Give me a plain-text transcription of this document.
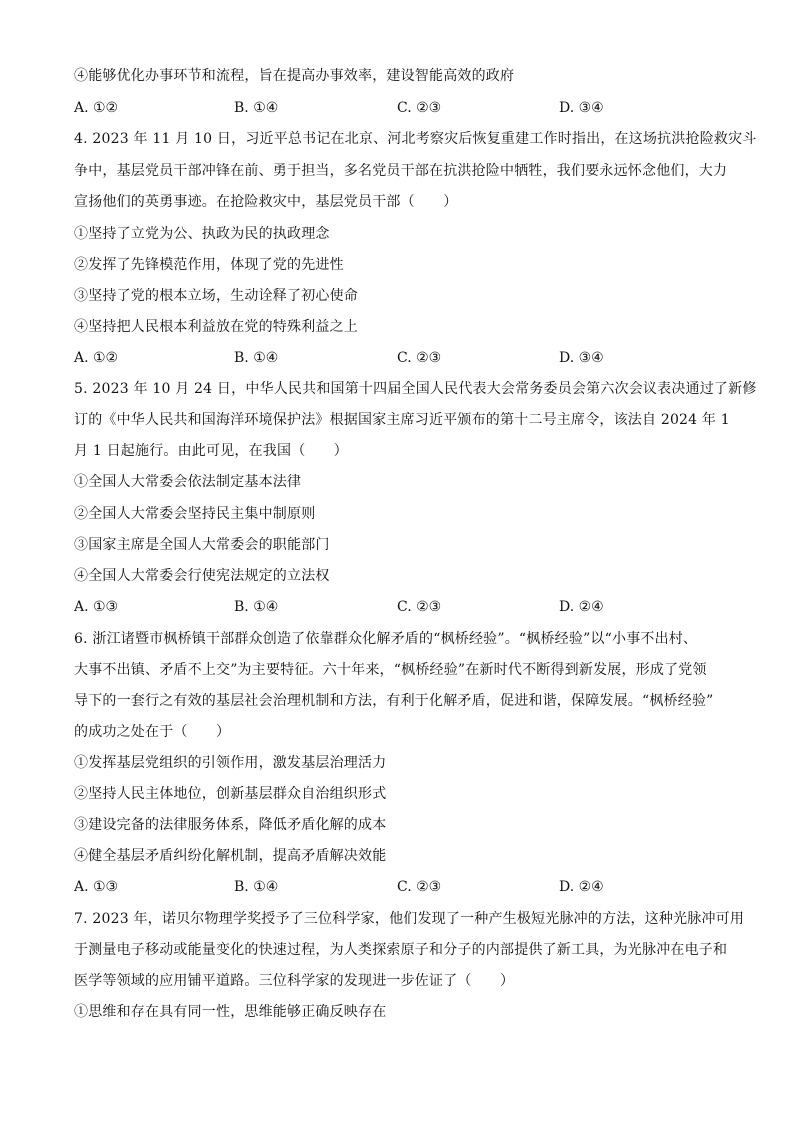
④能够优化办事环节和流程，旨在提高办事效率，建设智能高效的政府
A. ①②	B. ①④	C. ②③	D. ③④
4. 2023 年 11 月 10 日，习近平总书记在北京、河北考察灾后恢复重建工作时指出，在这场抗洪抢险救灾斗
争中，基层党员干部冲锋在前、勇于担当，多名党员干部在抗洪抢险中牺牲，我们要永远怀念他们，大力
宣扬他们的英勇事迹。在抢险救灾中，基层党员干部（　　）
①坚持了立党为公、执政为民的执政理念
②发挥了先锋模范作用，体现了党的先进性
③坚持了党的根本立场，生动诠释了初心使命
④坚持把人民根本利益放在党的特殊利益之上
A. ①②	B. ①④	C. ②③	D. ③④
5. 2023 年 10 月 24 日，中华人民共和国第十四届全国人民代表大会常务委员会第六次会议表决通过了新修
订的《中华人民共和国海洋环境保护法》根据国家主席习近平颁布的第十二号主席令，该法自 2024 年 1
月 1 日起施行。由此可见，在我国（　　）
①全国人大常委会依法制定基本法律
②全国人大常委会坚持民主集中制原则
③国家主席是全国人大常委会的职能部门
④全国人大常委会行使宪法规定的立法权
A. ①③	B. ①④	C. ②③	D. ②④
6. 浙江诸暨市枫桥镇干部群众创造了依靠群众化解矛盾的“枫桥经验”。“枫桥经验”以“小事不出村、
大事不出镇、矛盾不上交”为主要特征。六十年来，“枫桥经验”在新时代不断得到新发展，形成了党领
导下的一套行之有效的基层社会治理机制和方法，有利于化解矛盾，促进和谐，保障发展。“枫桥经验”
的成功之处在于（　　）
①发挥基层党组织的引领作用，激发基层治理活力
②坚持人民主体地位，创新基层群众自治组织形式
③建设完备的法律服务体系，降低矛盾化解的成本
④健全基层矛盾纠纷化解机制，提高矛盾解决效能
A. ①③	B. ①④	C. ②③	D. ②④
7. 2023 年，诺贝尔物理学奖授予了三位科学家，他们发现了一种产生极短光脉冲的方法，这种光脉冲可用
于测量电子移动或能量变化的快速过程，为人类探索原子和分子的内部提供了新工具，为光脉冲在电子和
医学等领域的应用铺平道路。三位科学家的发现进一步佐证了（　　）
①思维和存在具有同一性，思维能够正确反映存在
